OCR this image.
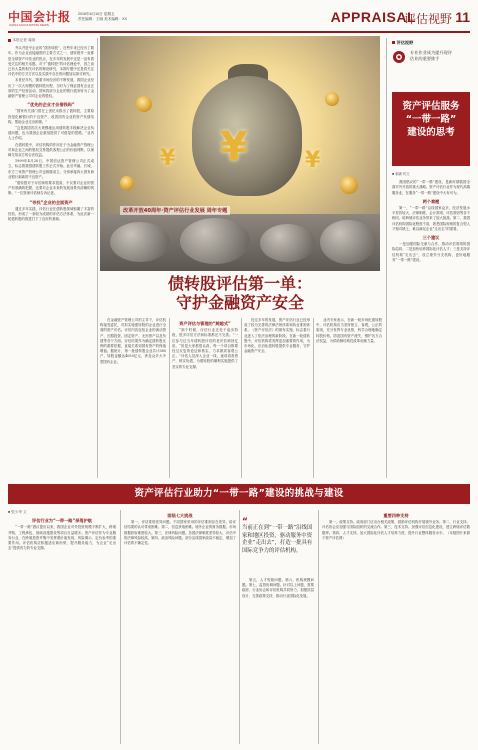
中国会计报
CHINA ACCOUNTING NEWS
2016年6月10日 星期五
责任编辑：王晓 美术编辑：XX	APPRAISAL
评估视野 11
本报记者 周晓

齐头并进中企业的“债务转股”，近些年来已经历了数年。作为企业直接融资的主要方式之一，债转股并一直都是全球资产评估业的热点，在多年的发展中还是一直有着受关注的相关话题。对于“债转股”的评估理论中，因之前已有大量的相关评估的理论研究，本期专题中还是将关注评估中的方式方法以及实践中存在的问题加以探讨研究。

本世纪年代，随着市场经济的不断发展，我国企业经历了一次大规模的债转股历程，当时为了保证国有企业正常的生产经营活动，国家将部分企业的银行债务转为了金融资产管理公司对企业的股权。

“优先的企业才会借钱吗”

“国家有关部门曾在上世纪末推出了债转股，主要原因是化解银行的不良资产，改善国有企业的资产负债结构，帮助企业走出困境。”

“这是我国首次大规模地运用债转股手段解决企业负债问题，也为我国企业重组提供了可借鉴的思路。”业内人士介绍。

在债转股中，评估机构的作用在于为金融资产管理公司和企业之间的股权交易提供客观公正的价值判断，以保障交易双方的合法权益。

1999年4月20日，中国信达资产管理公司正式成立，标志着我国债转股工作正式开始。此后华融、长城、东方三家资产管理公司也相继成立，分别承接四大国有商业银行剥离的不良资产。

“债转股对于评估师的要求很高，不仅要对企业的资产有准确的把握，还要对企业未来的发展前景有清晰的判断。”一位资深评估师告诉记者。

“寻找”企业的全面资产

通过多年实践，评估行业在债转股领域积累了丰富的经验，形成了一套较为成熟的评估方法体系，为此次新一轮债转股的推进打下了良好的基础。

¥
¥	¥
改革开放40周年·资产评估行业发展 周年专题
债转股评估第一单：
守护金融资产安全

在金融资产管理公司的主导下，评估机构接受委托，对拟实施债转股的企业进行全面的资产评估。评估内容包括企业的流动资产、长期投资、固定资产、无形资产以及负债等各个方面。评估结果作为确定债转股比例的重要依据，直接关系到国有资产的保值增值。据统计，第一批债转股企业共计580户，转股金额达4050亿元，涉及众多大中型国有企业。

资产评估与管理的“跨越式”

“那个时候，评估行业还处于起步阶段，很多评估方法和标准都还不完善。”一位参与过当年债转股评估的老评估师回忆说，“但是大家都很认真，每一个项目都要经过反复的论证和核实，力求做到客观公正。”评估人员深入企业一线，逐项清查资产，核实负债，为债转股的顺利实施提供了坚实的专业支撑。

经过多年的发展，资产评估行业已经形成了较为完善的法律法规体系和执业准则体系。《资产评估法》的颁布实施，标志着行业进入了依法治理的新阶段。在新一轮债转股中，评估机构将发挥更加重要的作用，为市场化、法治化债转股提供专业服务，守护金融资产安全。

业内专家表示，在新一轮市场化债转股中，评估机构应当坚持独立、客观、公正的原则，充分发挥专业优势，科学合理地确定转股价格，防范国有资产流失，维护各方合法权益，为供给侧结构性改革贡献力量。

评估视野
专业作业成为提升现评
估业的重要推手
资产评估服务
“一带一路”
建设的思考
■ 朝新刊文

我国倡议的“一带一路”建设，是新时期我国全面对外开放的重大战略。资产评估行业作为现代高端服务业，在服务“一带一路”建设中大有可为。

两个难题

第一，“一带一路”沿线国家众多，经济发展水平差异较大，法律制度、会计准则、评估准则等各不相同，给跨境评估业务带来了较大挑战。第二，我国评估机构国际化程度不高，熟悉国际规则的复合型人才相对缺乏，难以满足企业“走出去”的需要。

三个建议

一是加强国际交流与合作，推动评估准则的国际趋同；二是加快培养国际化评估人才；三是支持评估机构“走出去”，设立境外分支机构，更好地服务“一带一路”建设。

资产评估行业助力“一带一路”建设的挑战与建设
■ 张少华 文
评估行业为“一带一路”保驾护航

“一带一路”倡议提出以来，我国企业对外投资规模不断扩大，跨境并购、工程承包、基础设施建设等项目日益增多。资产评估作为专业服务行业，在跨境投资并购中发挥着价值发现、风险揭示、定价参考的重要作用。评估机构应积极适应新形势，提升服务能力，为企业“走出去”提供有力的专业支撑。

面临七大挑战

第一，评估准则差异问题。不同国家采用的评估准则存在差异，给评估结果的认可带来困难。第二，信息获取困难。境外企业的财务数据、市场数据获取难度较大。第三，法律风险问题。各国法律制度差异较大，评估中的法律风险较高。第四，政治风险问题。部分沿线国家政局不稳定，增加了评估的不确定性。

“
当前正在到“一带一路”沿线国家和地区投资，驱动服务中资企业“走出去”，打造一批具有国际竞争力的评估机构。

第五，人才短缺问题。第六，机构规模问题。第七，监管协调问题。针对以上问题，需要政府、行业协会和评估机构共同努力，加强顶层设计，完善政策支持，推动行业国际化发展。

重要四种支持

第一，政策支持。政府部门应出台相关政策，鼓励评估机构开展境外业务。第二，行业支持。评估协会应加强与国际组织的交流合作。第三，技术支持。加强评估信息化建设，建立跨境评估数据库。第四，人才支持。加大国际化评估人才培养力度，提升行业整体服务水平。（本版图片来源于资产评估网）
